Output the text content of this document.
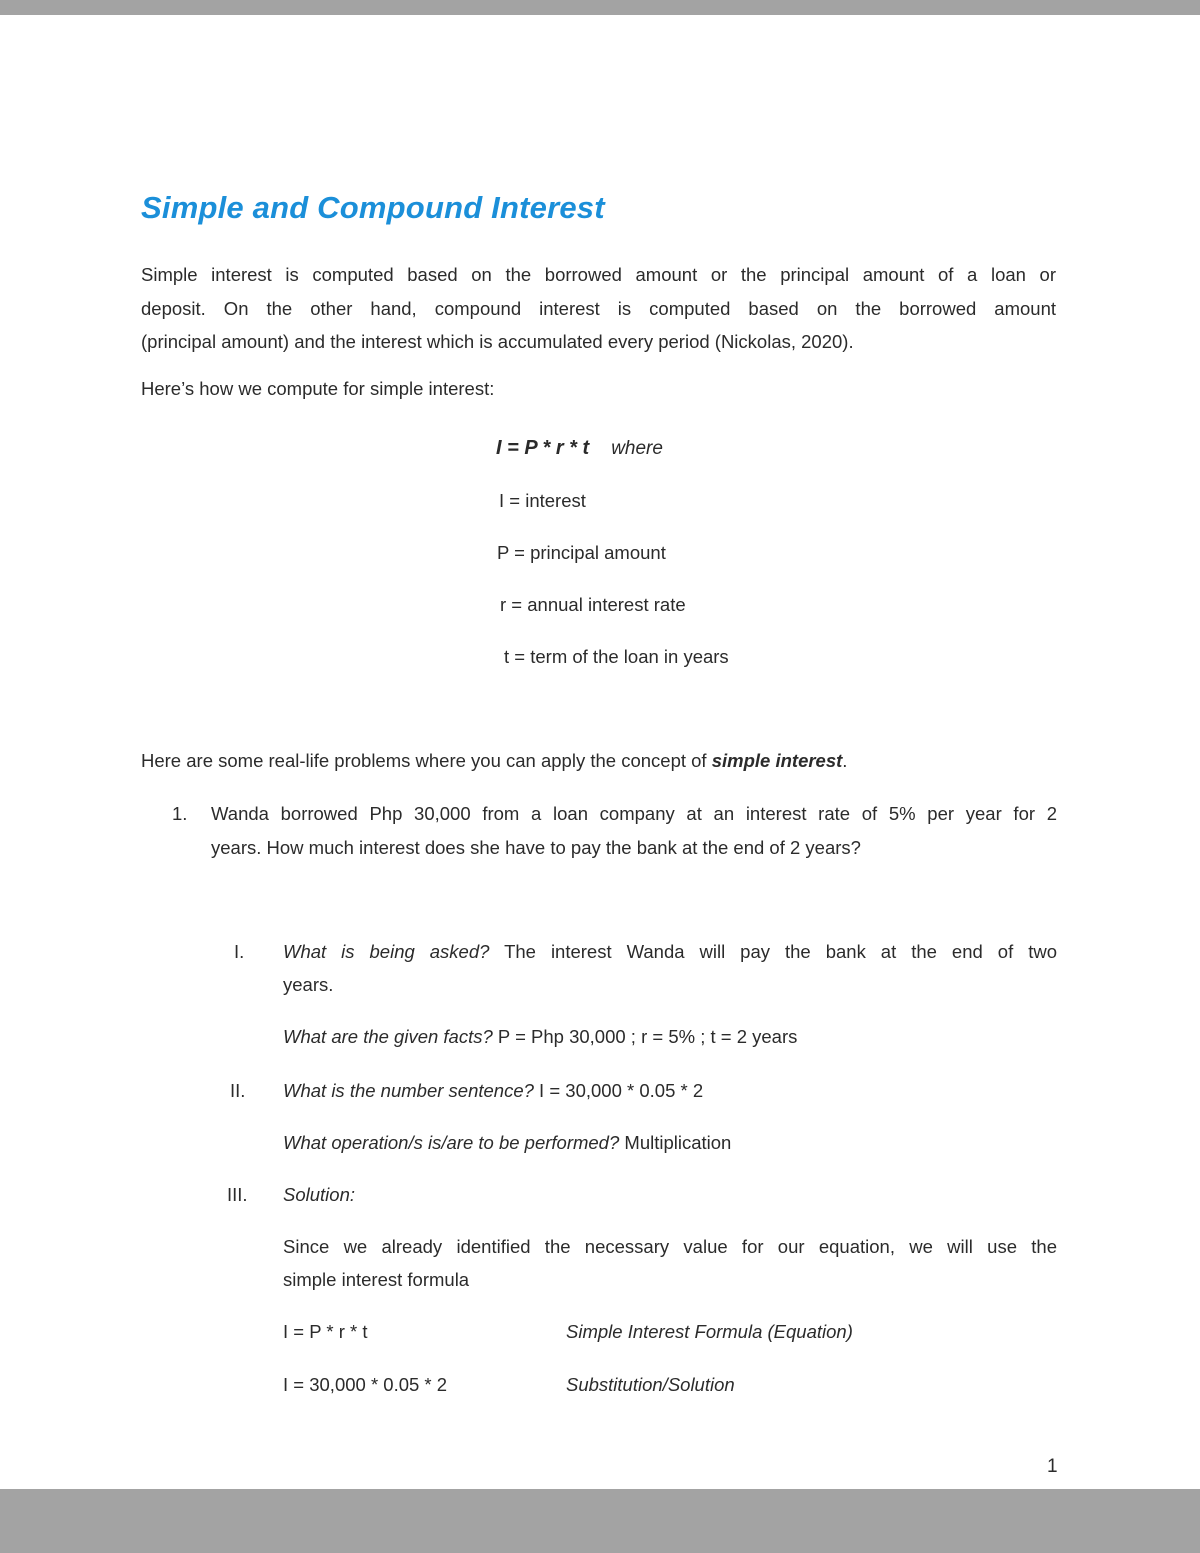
Simple and Compound Interest
Simple interest is computed based on the borrowed amount or the principal amount of a loan or
deposit. On the other hand, compound interest is computed based on the borrowed amount
(principal amount) and the interest which is accumulated every period (Nickolas, 2020).
Here’s how we compute for simple interest:
I = P * r * t where
I = interest
P = principal amount
r = annual interest rate
t = term of the loan in years
Here are some real-life problems where you can apply the concept of simple interest.
1. Wanda borrowed Php 30,000 from a loan company at an interest rate of 5% per year for 2
years. How much interest does she have to pay the bank at the end of 2 years?
I. What is being asked? The interest Wanda will pay the bank at the end of two
years.
What are the given facts? P = Php 30,000 ; r = 5% ; t = 2 years
II. What is the number sentence? I = 30,000 * 0.05 * 2
What operation/s is/are to be performed? Multiplication
III. Solution:
Since we already identified the necessary value for our equation, we will use the
simple interest formula
I = P * r * t	Simple Interest Formula (Equation)
I = 30,000 * 0.05 * 2	Substitution/Solution
1
